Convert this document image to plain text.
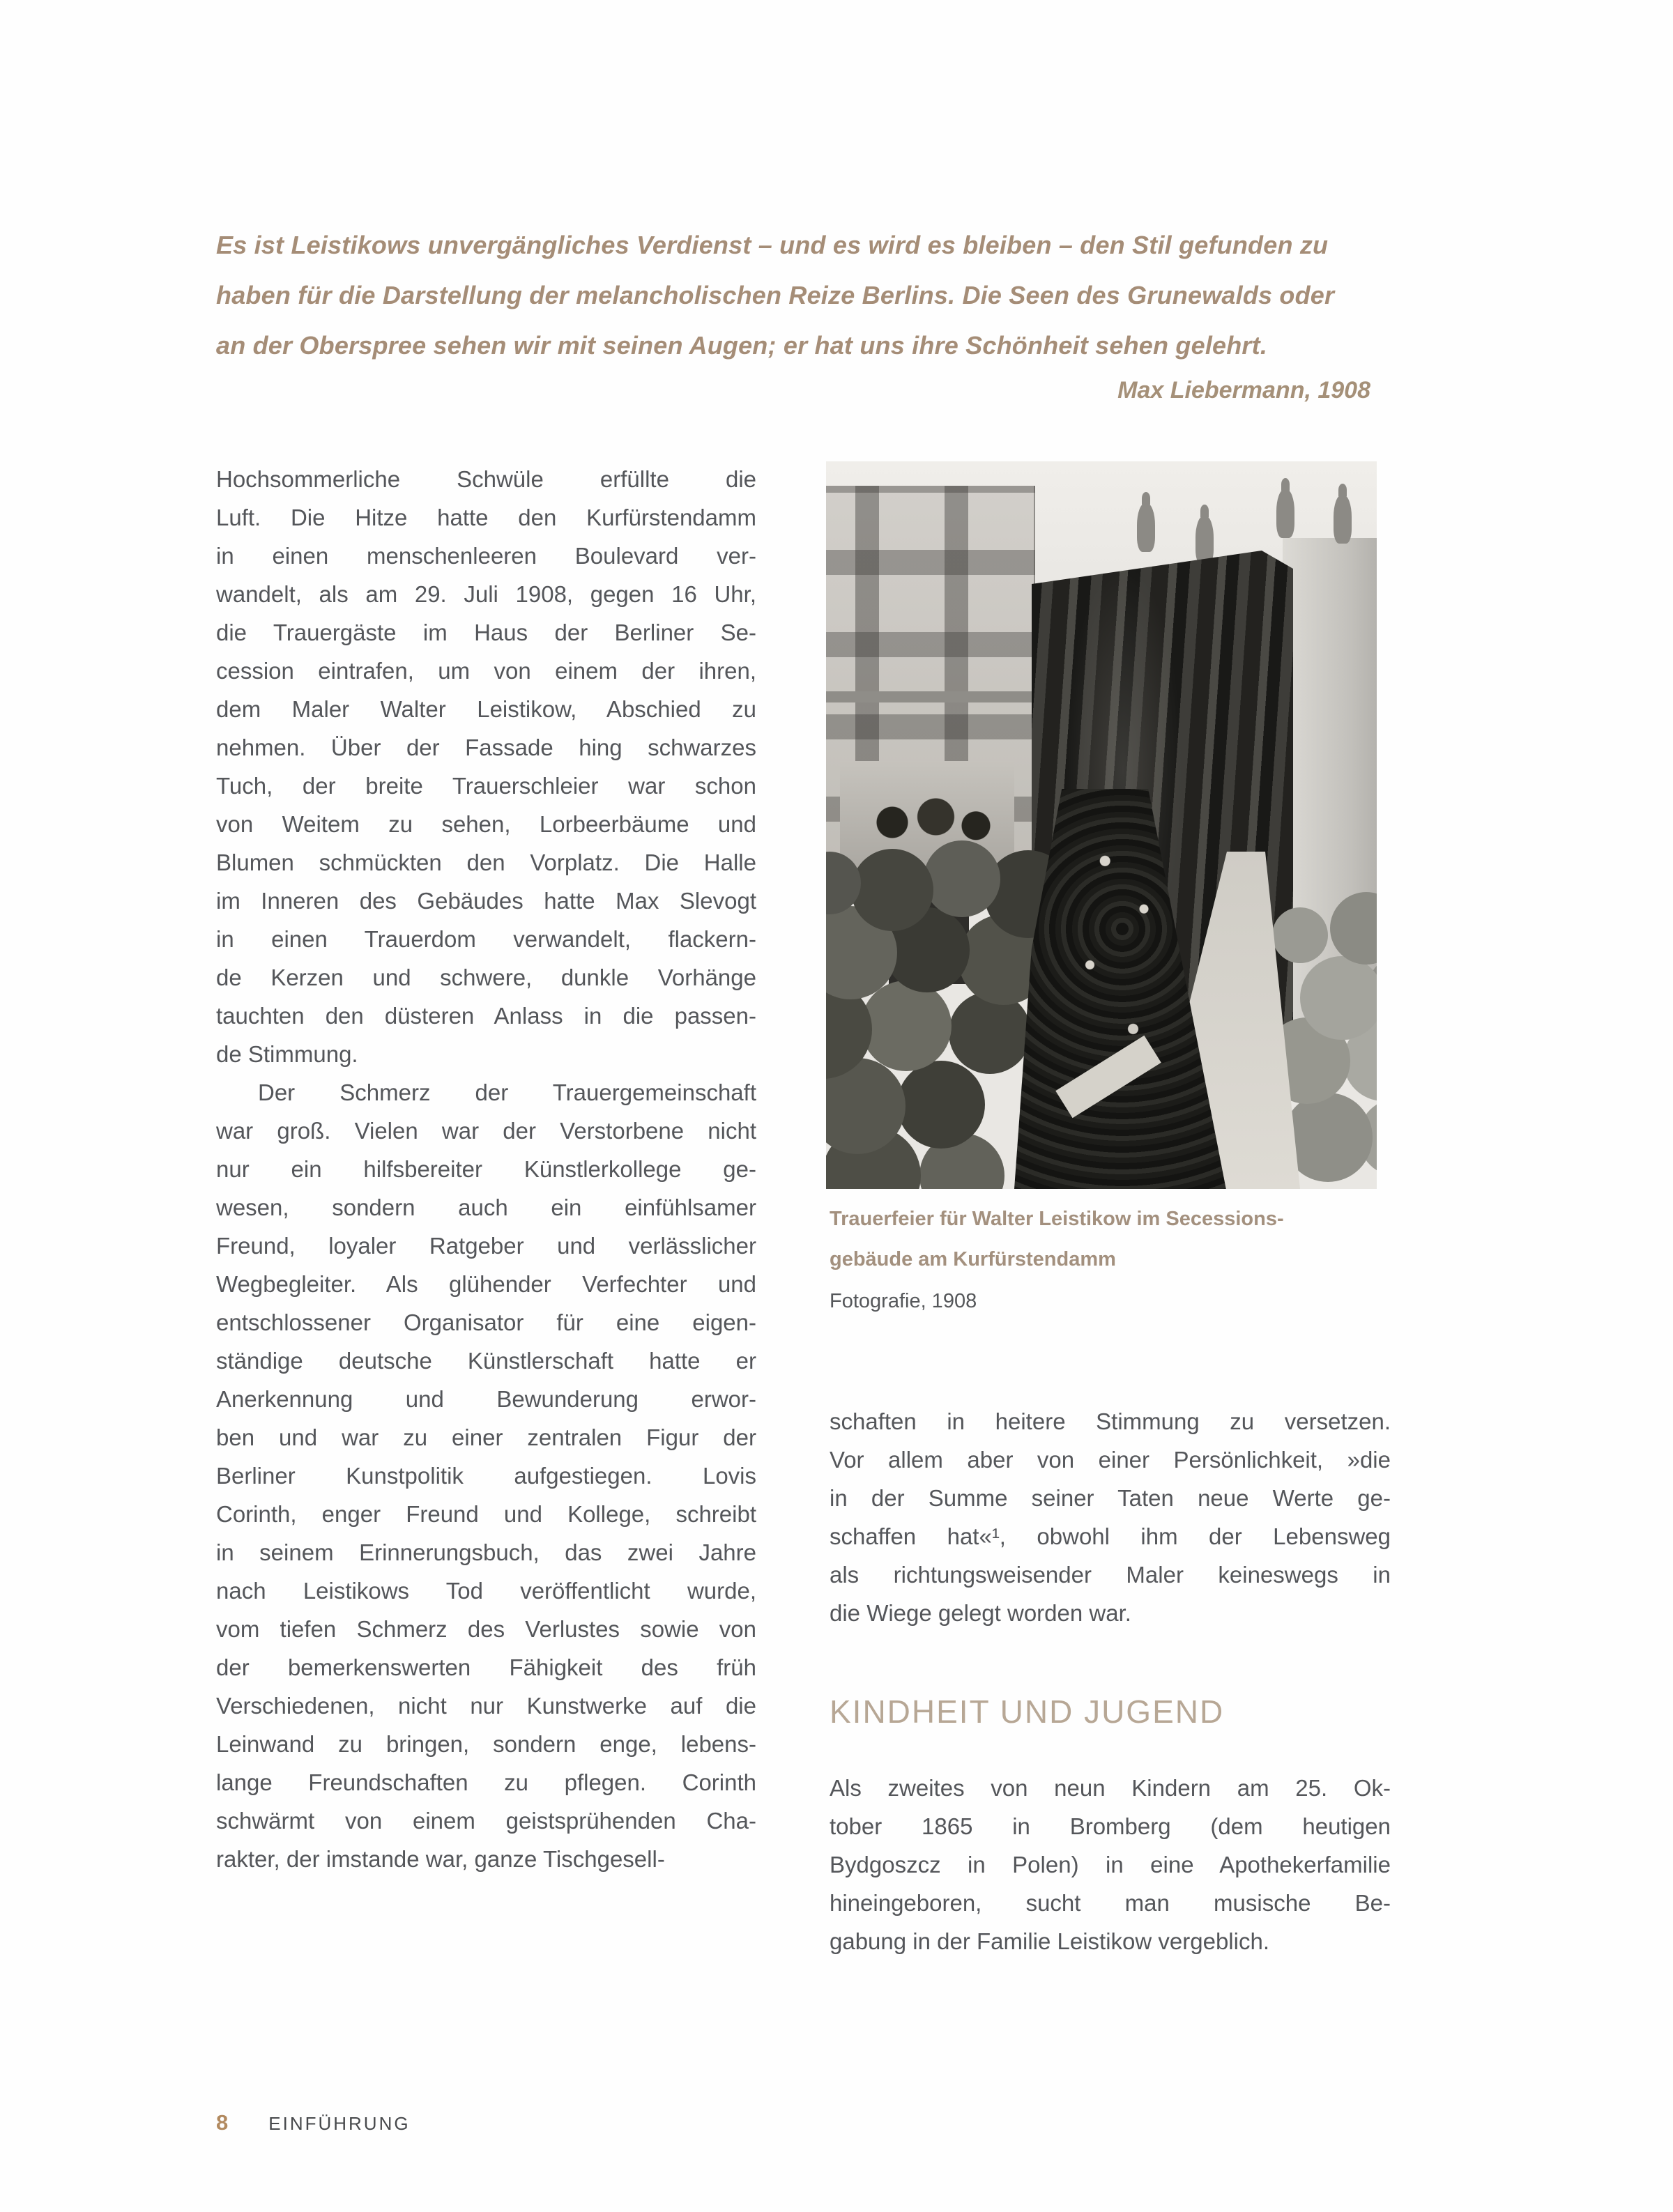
Es ist Leistikows unvergängliches Verdienst – und es wird es bleiben – den Stil gefunden zu
haben für die Darstellung der melancholischen Reize Berlins. Die Seen des Grunewalds oder
an der Oberspree sehen wir mit seinen Augen; er hat uns ihre Schönheit sehen gelehrt.
Max Liebermann, 1908
Hochsommerliche Schwüle erfüllte die
Luft. Die Hitze hatte den Kurfürstendamm
in einen menschenleeren Boulevard ver-
wandelt, als am 29. Juli 1908, gegen 16 Uhr,
die Trauergäste im Haus der Berliner Se-
cession eintrafen, um von einem der ihren,
dem Maler Walter Leistikow, Abschied zu
nehmen. Über der Fassade hing schwarzes
Tuch, der breite Trauerschleier war schon
von Weitem zu sehen, Lorbeerbäume und
Blumen schmückten den Vorplatz. Die Halle
im Inneren des Gebäudes hatte Max Slevogt
in einen Trauerdom verwandelt, flackern-
de Kerzen und schwere, dunkle Vorhänge
tauchten den düsteren Anlass in die passen-
de Stimmung.
Der Schmerz der Trauergemeinschaft
war groß. Vielen war der Verstorbene nicht
nur ein hilfsbereiter Künstlerkollege ge-
wesen, sondern auch ein einfühlsamer
Freund, loyaler Ratgeber und verlässlicher
Wegbegleiter. Als glühender Verfechter und
entschlossener Organisator für eine eigen-
ständige deutsche Künstlerschaft hatte er
Anerkennung und Bewunderung erwor-
ben und war zu einer zentralen Figur der
Berliner Kunstpolitik aufgestiegen. Lovis
Corinth, enger Freund und Kollege, schreibt
in seinem Erinnerungsbuch, das zwei Jahre
nach Leistikows Tod veröffentlicht wurde,
vom tiefen Schmerz des Verlustes sowie von
der bemerkenswerten Fähigkeit des früh
Verschiedenen, nicht nur Kunstwerke auf die
Leinwand zu bringen, sondern enge, lebens-
lange Freundschaften zu pflegen. Corinth
schwärmt von einem geistsprühenden Cha-
rakter, der imstande war, ganze Tischgesell-
Trauerfeier für Walter Leistikow im Secessions-
gebäude am Kurfürstendamm
Fotografie, 1908
schaften in heitere Stimmung zu versetzen.
Vor allem aber von einer Persönlichkeit, »die
in der Summe seiner Taten neue Werte ge-
schaffen hat«¹, obwohl ihm der Lebensweg
als richtungsweisender Maler keineswegs in
die Wiege gelegt worden war.
KINDHEIT UND JUGEND
Als zweites von neun Kindern am 25. Ok-
tober 1865 in Bromberg (dem heutigen
Bydgoszcz in Polen) in eine Apothekerfamilie
hineingeboren, sucht man musische Be-
gabung in der Familie Leistikow vergeblich.
8 EINFÜHRUNG
